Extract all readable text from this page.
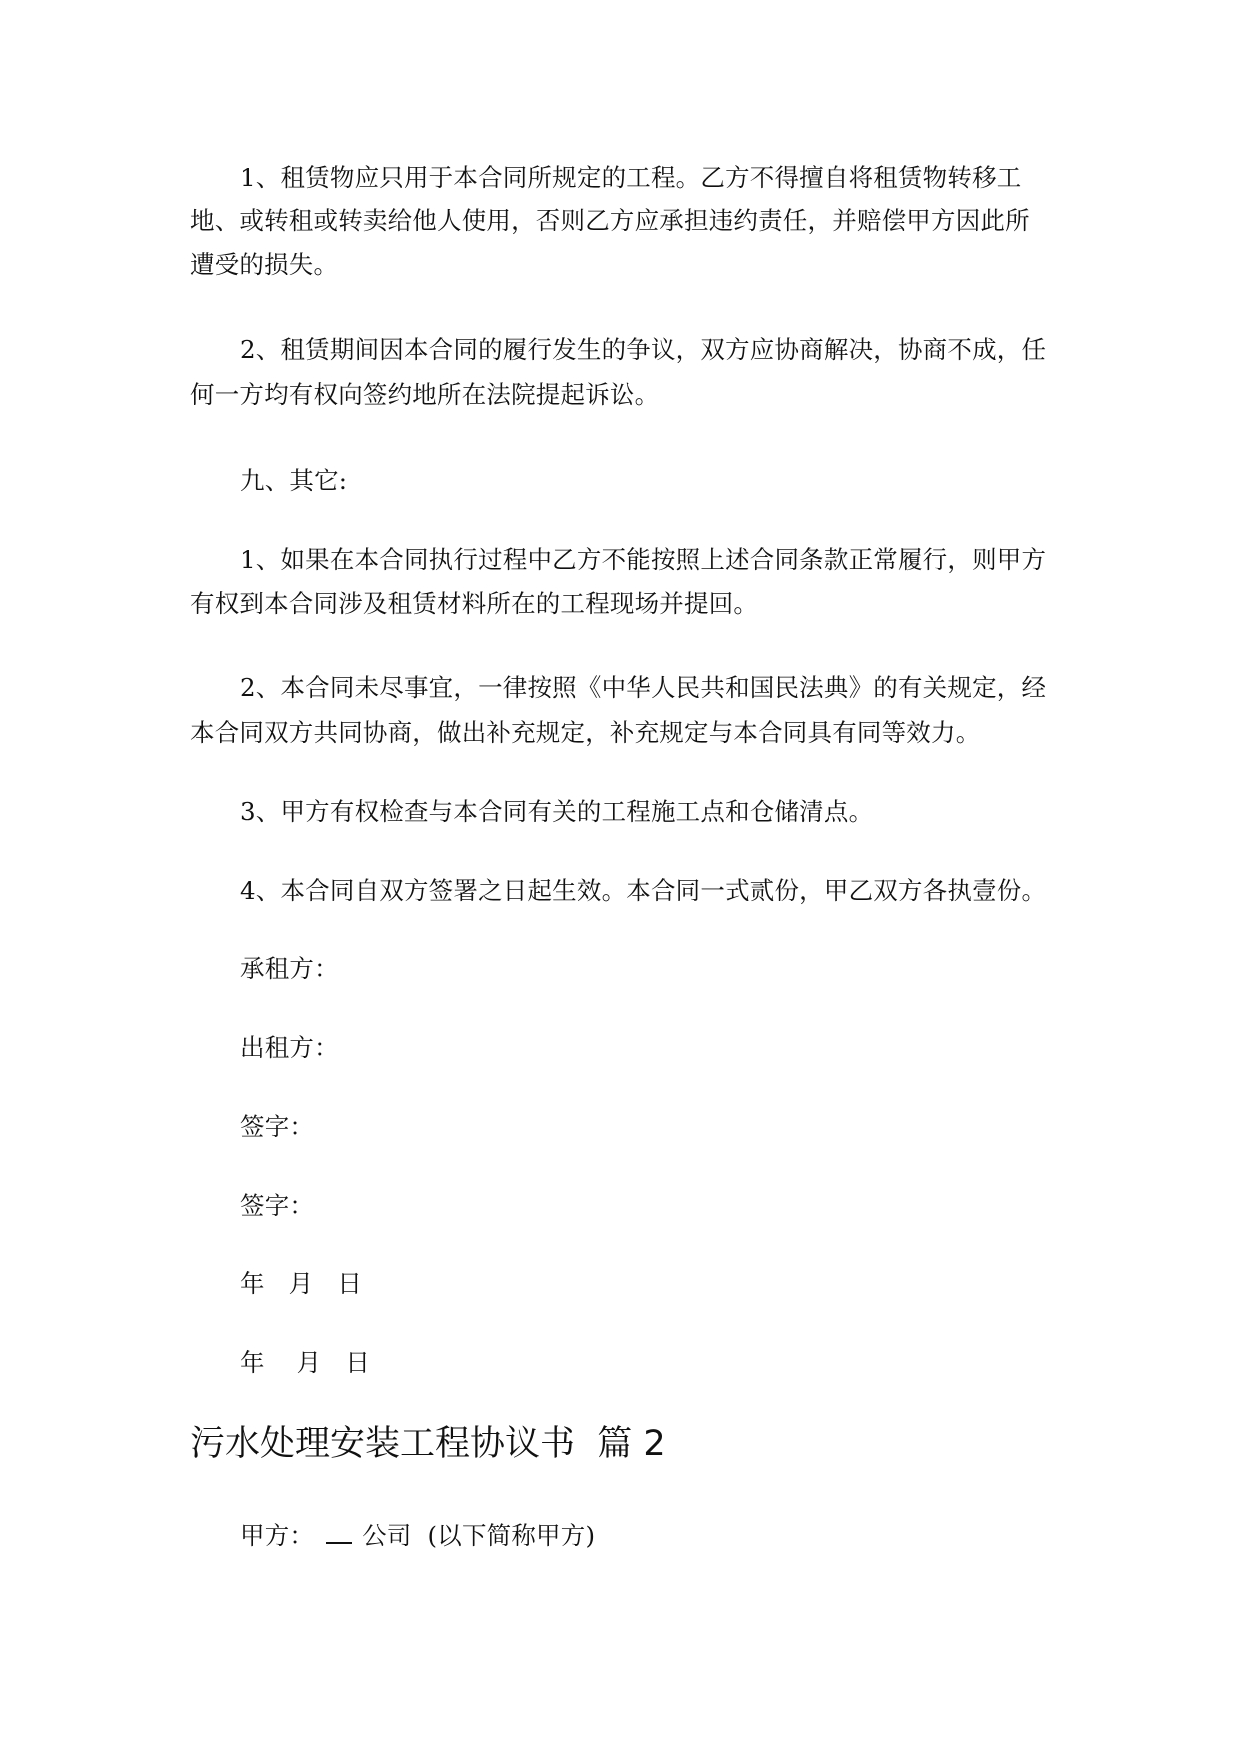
1、租赁物应只用于本合同所规定的工程。乙方不得擅自将租赁物转移工
地、或转租或转卖给他人使用，否则乙方应承担违约责任，并赔偿甲方因此所
遭受的损失。
2、租赁期间因本合同的履行发生的争议，双方应协商解决，协商不成，任
何一方均有权向签约地所在法院提起诉讼。
九、其它:
1、如果在本合同执行过程中乙方不能按照上述合同条款正常履行，则甲方
有权到本合同涉及租赁材料所在的工程现场并提回。
2、本合同未尽事宜，一律按照《中华人民共和国民法典》的有关规定，经
本合同双方共同协商，做出补充规定，补充规定与本合同具有同等效力。
3、甲方有权检查与本合同有关的工程施工点和仓储清点。
4、本合同自双方签署之日起生效。本合同一式贰份，甲乙双方各执壹份。
承租方：
出租方：
签字：
签字：
年   月   日
年    月   日
污水处理安装工程协议书  篇 2
甲方： 公司  (以下简称甲方)
